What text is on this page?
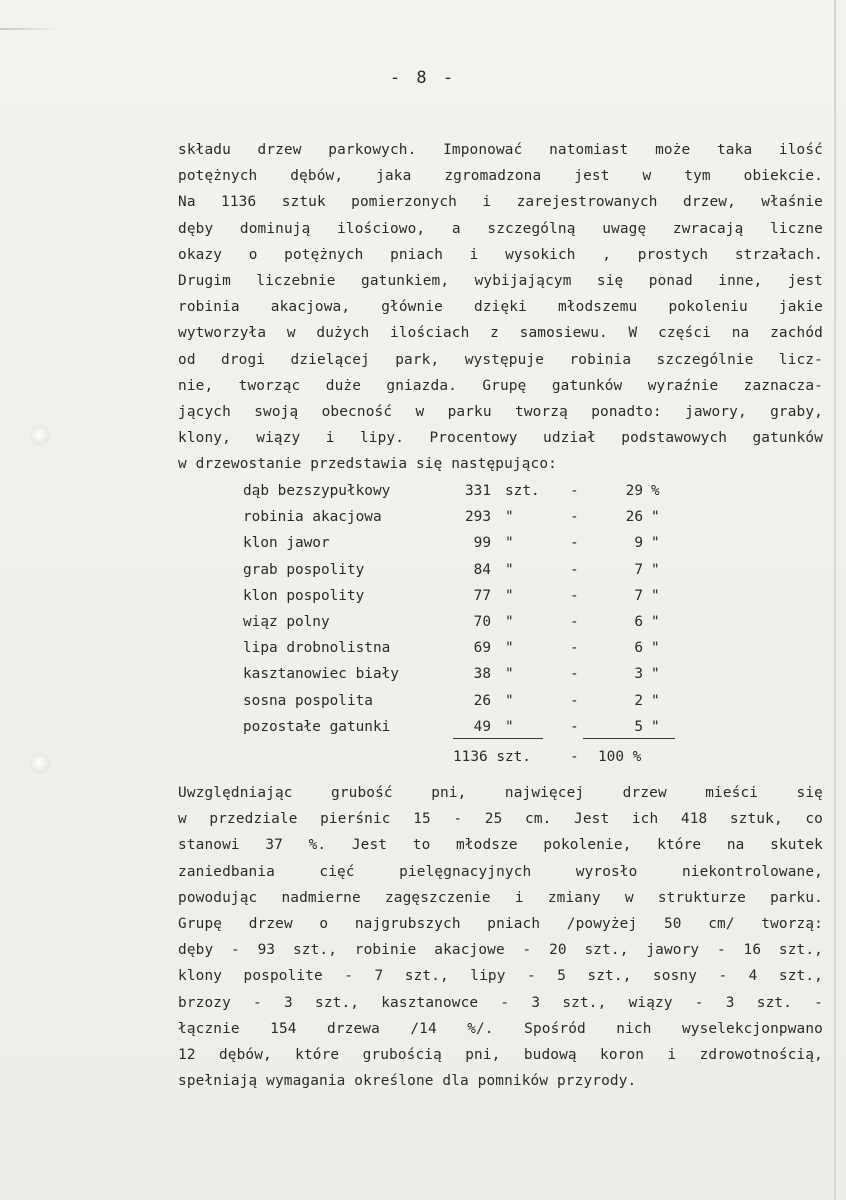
- 8 -

składu drzew parkowych. Imponować natomiast może taka ilość
potężnych dębów, jaka zgromadzona jest w tym obiekcie.
Na 1136 sztuk pomierzonych i zarejestrowanych drzew, właśnie
dęby dominują ilościowo, a szczególną uwagę zwracają liczne
okazy o potężnych pniach i wysokich , prostych strzałach.
Drugim liczebnie gatunkiem, wybijającym się ponad inne, jest
robinia akacjowa, głównie dzięki młodszemu pokoleniu jakie
wytworzyła w dużych ilościach z samosiewu. W części na zachód
od drogi dzielącej park, występuje robinia szczególnie licz-
nie, tworząc duże gniazda. Grupę gatunków wyraźnie zaznacza-
jących swoją obecność w parku tworzą ponadto: jawory, graby,
klony, wiązy i lipy. Procentowy udział podstawowych gatunków
w drzewostanie przedstawia się następująco:

dąb bezszypułkowy	331 szt. -	29 %
robinia akacjowa	293 "	-	26 "
klon jawor	99 "	-	9 "
grab pospolity	84 "	-	7 "
klon pospolity	77 "	-	7 "
wiąz polny	70 "	-	6 "
lipa drobnolistna	69 "	-	6 "
kasztanowiec biały	38 "	-	3 "
sosna pospolita	26 "	-	2 "
pozostałe gatunki	49 "	-	5 "
1136 szt.	- 100 %

Uwzględniając grubość pni, najwięcej drzew mieści się
w przedziale pierśnic 15 - 25 cm. Jest ich 418 sztuk, co
stanowi 37 %. Jest to młodsze pokolenie, które na skutek
zaniedbania cięć pielęgnacyjnych wyrosło niekontrolowane,
powodując nadmierne zagęszczenie i zmiany w strukturze parku.
Grupę drzew o najgrubszych pniach /powyżej 50 cm/ tworzą:
dęby - 93 szt., robinie akacjowe - 20 szt., jawory - 16 szt.,
klony pospolite - 7 szt., lipy - 5 szt., sosny - 4 szt.,
brzozy - 3 szt., kasztanowce - 3 szt., wiązy - 3 szt. -
łącznie 154 drzewa /14 %/. Spośród nich wyselekcjonpwano
12 dębów, które grubością pni, budową koron i zdrowotnością,
spełniają wymagania określone dla pomników przyrody.
